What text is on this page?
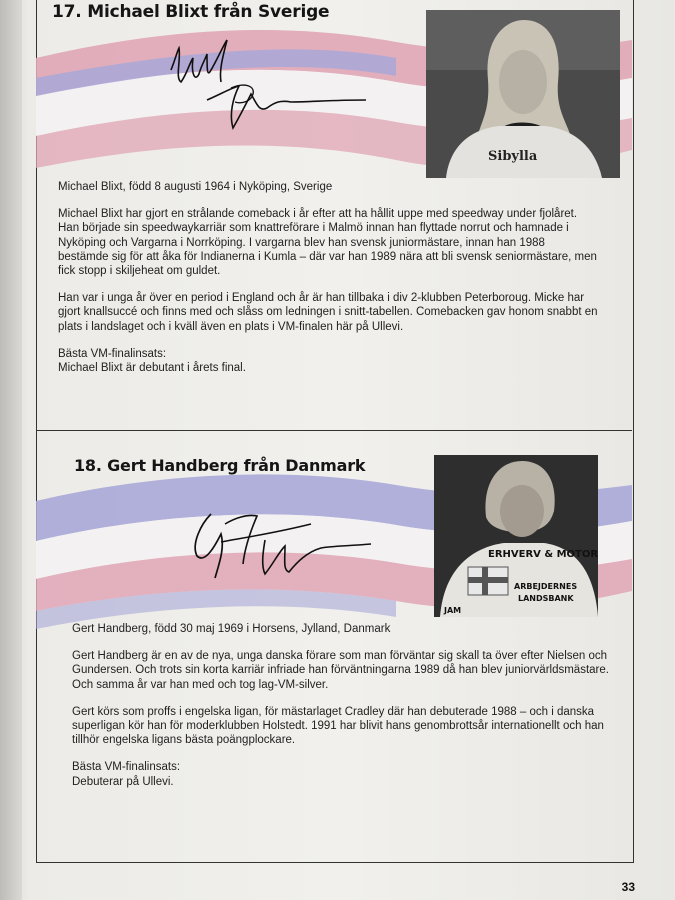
17. Michael Blixt från Sverige
Sibylla

Michael Blixt, född 8 augusti 1964 i Nyköping, Sverige

Michael Blixt har gjort en strålande comeback i år efter att ha hållit uppe med speedway under fjolåret. Han började sin speedwaykarriär som knattreförare i Malmö innan han flyttade norrut och hamnade i Nyköping och Vargarna i Norrköping. I vargarna blev han svensk juniormästare, innan han 1988 bestämde sig för att åka för Indianerna i Kumla – där var han 1989 nära att bli svensk seniormästare, men fick stopp i skiljeheat om guldet.

Han var i unga år över en period i England och år är han tillbaka i div 2-klubben Peterboroug. Micke har gjort knallsuccé och finns med och slåss om ledningen i snitt-tabellen. Comebacken gav honom snabbt en plats i landslaget och i kväll även en plats i VM-finalen här på Ullevi.

Bästa VM-finalinsats:

Michael Blixt är debutant i årets final.

18. Gert Handberg från Danmark
ERHVERV & MOTOR
ARBEJDERNES
LANDSBANK
JAM

Gert Handberg, född 30 maj 1969 i Horsens, Jylland, Danmark

Gert Handberg är en av de nya, unga danska förare som man förväntar sig skall ta över efter Nielsen och Gundersen. Och trots sin korta karriär infriade han förväntningarna 1989 då han blev juniorvärldsmästare. Och samma år var han med och tog lag-VM-silver.

Gert körs som proffs i engelska ligan, för mästarlaget Cradley där han debuterade 1988 – och i danska superligan kör han för moderklubben Holstedt. 1991 har blivit hans genombrottsår internationellt och han tillhör engelska ligans bästa poängplockare.

Bästa VM-finalinsats:

Debuterar på Ullevi.

33
